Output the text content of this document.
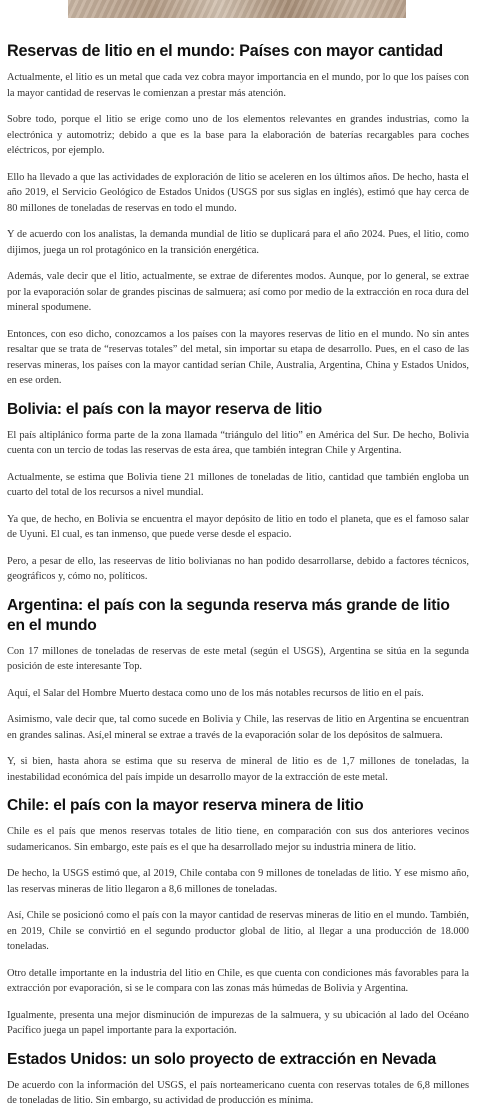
Reservas de litio en el mundo: Países con mayor cantidad

Actualmente, el litio es un metal que cada vez cobra mayor importancia en el mundo, por lo que los países con la mayor cantidad de reservas le comienzan a prestar más atención.

Sobre todo, porque el litio se erige como uno de los elementos relevantes en grandes industrias, como la electrónica y automotriz; debido a que es la base para la elaboración de baterías recargables para coches eléctricos, por ejemplo.

Ello ha llevado a que las actividades de exploración de litio se aceleren en los últimos años. De hecho, hasta el año 2019, el Servicio Geológico de Estados Unidos (USGS por sus siglas en inglés), estimó que hay cerca de 80 millones de toneladas de reservas en todo el mundo.

Y de acuerdo con los analistas, la demanda mundial de litio se duplicará para el año 2024. Pues, el litio, como dijimos, juega un rol protagónico en la transición energética.

Además, vale decir que el litio, actualmente, se extrae de diferentes modos. Aunque, por lo general, se extrae por la evaporación solar de grandes piscinas de salmuera; así como por medio de la extracción en roca dura del mineral spodumene.

Entonces, con eso dicho, conozcamos a los países con la mayores reservas de litio en el mundo. No sin antes resaltar que se trata de “reservas totales” del metal, sin importar su etapa de desarrollo. Pues, en el caso de las reservas mineras, los países con la mayor cantidad serían Chile, Australia, Argentina, China y Estados Unidos, en ese orden.

Bolivia: el país con la mayor reserva de litio

El país altiplánico forma parte de la zona llamada “triángulo del litio” en América del Sur. De hecho, Bolivia cuenta con un tercio de todas las reservas de esta área, que también integran Chile y Argentina.

Actualmente, se estima que Bolivia tiene 21 millones de toneladas de litio, cantidad que también engloba un cuarto del total de los recursos a nivel mundial.

Ya que, de hecho, en Bolivia se encuentra el mayor depósito de litio en todo el planeta, que es el famoso salar de Uyuni. El cual, es tan inmenso, que puede verse desde el espacio.

Pero, a pesar de ello, las reseervas de litio bolivianas no han podido desarrollarse, debido a factores técnicos, geográficos y, cómo no, políticos.

Argentina: el país con la segunda reserva más grande de litio en el mundo

Con 17 millones de toneladas de reservas de este metal (según el USGS), Argentina se sitúa en la segunda posición de este interesante Top.

Aquí, el Salar del Hombre Muerto destaca como uno de los más notables recursos de litio en el país.

Asimismo, vale decir que, tal como sucede en Bolivia y Chile, las reservas de litio en Argentina se encuentran en grandes salinas. Así,el mineral se extrae a través de la evaporación solar de los depósitos de salmuera.

Y, si bien, hasta ahora se estima que su reserva de mineral de litio es de 1,7 millones de toneladas, la inestabilidad económica del país impide un desarrollo mayor de la extracción de este metal.

Chile: el país con la mayor reserva minera de litio

Chile es el país que menos reservas totales de litio tiene, en comparación con sus dos anteriores vecinos sudamericanos. Sin embargo, este país es el que ha desarrollado mejor su industria minera de litio.

De hecho, la USGS estimó que, al 2019, Chile contaba con 9 millones de toneladas de litio. Y ese mismo año, las reservas mineras de litio llegaron a 8,6 millones de toneladas.

Así, Chile se posicionó como el país con la mayor cantidad de reservas mineras de litio en el mundo. También, en 2019, Chile se convirtió en el segundo productor global de litio, al llegar a una producción de 18.000 toneladas.

Otro detalle importante en la industria del litio en Chile, es que cuenta con condiciones más favorables para la extracción por evaporación, si se le compara con las zonas más húmedas de Bolivia y Argentina.

Igualmente, presenta una mejor disminución de impurezas de la salmuera, y su ubicación al lado del Océano Pacífico juega un papel importante para la exportación.

Estados Unidos: un solo proyecto de extracción en Nevada

De acuerdo con la información del USGS, el país norteamericano cuenta con reservas totales de 6,8 millones de toneladas de litio. Sin embargo, su actividad de producción es mínima.
